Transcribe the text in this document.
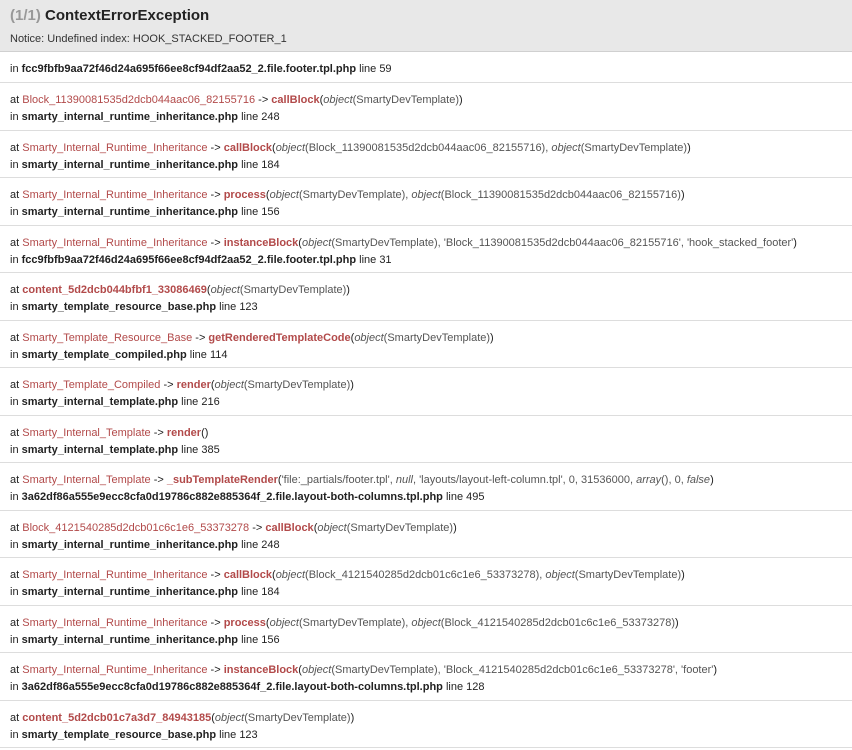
(1/1) ContextErrorException
Notice: Undefined index: HOOK_STACKED_FOOTER_1
in fcc9fbfb9aa72f46d24a695f66ee8cf94df2aa52_2.file.footer.tpl.php line 59
at Block_11390081535d2dcb044aac06_82155716 -> callBlock(object(SmartyDevTemplate))
in smarty_internal_runtime_inheritance.php line 248
at Smarty_Internal_Runtime_Inheritance -> callBlock(object(Block_11390081535d2dcb044aac06_82155716), object(SmartyDevTemplate))
in smarty_internal_runtime_inheritance.php line 184
at Smarty_Internal_Runtime_Inheritance -> process(object(SmartyDevTemplate), object(Block_11390081535d2dcb044aac06_82155716))
in smarty_internal_runtime_inheritance.php line 156
at Smarty_Internal_Runtime_Inheritance -> instanceBlock(object(SmartyDevTemplate), 'Block_11390081535d2dcb044aac06_82155716', 'hook_stacked_footer')
in fcc9fbfb9aa72f46d24a695f66ee8cf94df2aa52_2.file.footer.tpl.php line 31
at content_5d2dcb044bfbf1_33086469(object(SmartyDevTemplate))
in smarty_template_resource_base.php line 123
at Smarty_Template_Resource_Base -> getRenderedTemplateCode(object(SmartyDevTemplate))
in smarty_template_compiled.php line 114
at Smarty_Template_Compiled -> render(object(SmartyDevTemplate))
in smarty_internal_template.php line 216
at Smarty_Internal_Template -> render()
in smarty_internal_template.php line 385
at Smarty_Internal_Template -> _subTemplateRender('file:_partials/footer.tpl', null, 'layouts/layout-left-column.tpl', 0, 31536000, array(), 0, false)
in 3a62df86a555e9ecc8cfa0d19786c882e885364f_2.file.layout-both-columns.tpl.php line 495
at Block_4121540285d2dcb01c6c1e6_53373278 -> callBlock(object(SmartyDevTemplate))
in smarty_internal_runtime_inheritance.php line 248
at Smarty_Internal_Runtime_Inheritance -> callBlock(object(Block_4121540285d2dcb01c6c1e6_53373278), object(SmartyDevTemplate))
in smarty_internal_runtime_inheritance.php line 184
at Smarty_Internal_Runtime_Inheritance -> process(object(SmartyDevTemplate), object(Block_4121540285d2dcb01c6c1e6_53373278))
in smarty_internal_runtime_inheritance.php line 156
at Smarty_Internal_Runtime_Inheritance -> instanceBlock(object(SmartyDevTemplate), 'Block_4121540285d2dcb01c6c1e6_53373278', 'footer')
in 3a62df86a555e9ecc8cfa0d19786c882e885364f_2.file.layout-both-columns.tpl.php line 128
at content_5d2dcb01c7a3d7_84943185(object(SmartyDevTemplate))
in smarty_template_resource_base.php line 123
